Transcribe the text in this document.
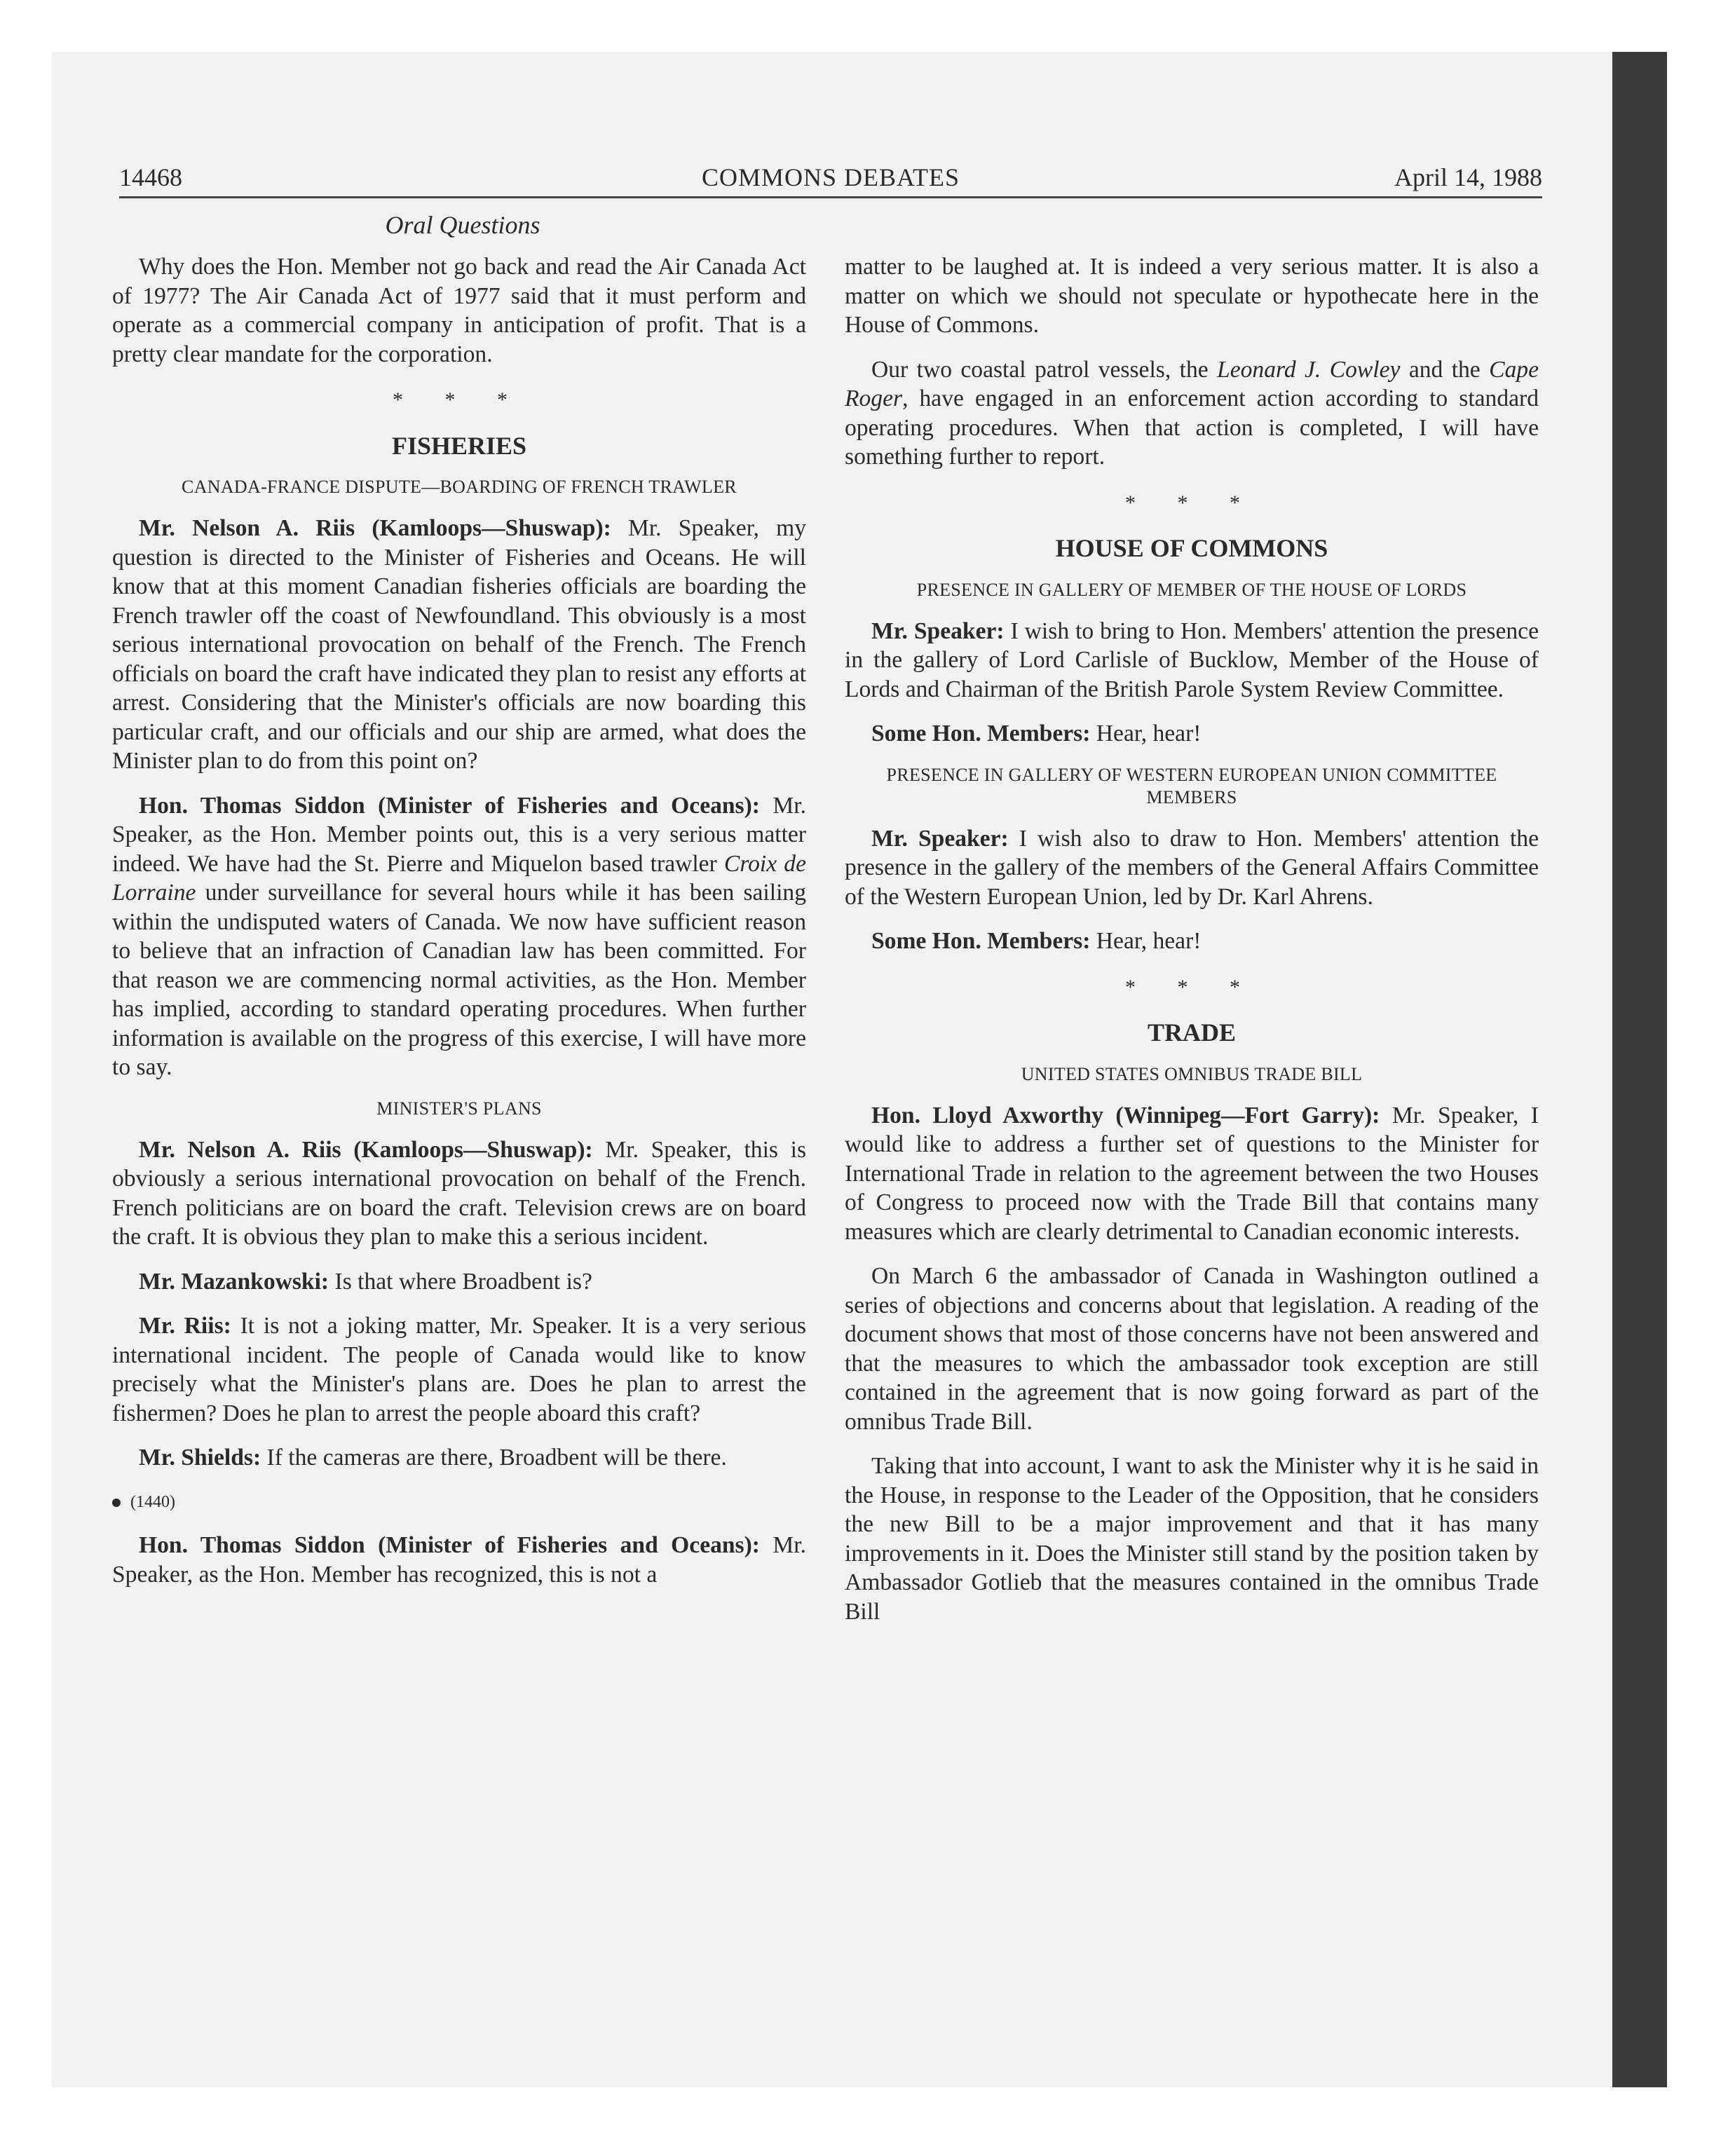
14468	COMMONS DEBATES	April 14, 1988
Oral Questions

Why does the Hon. Member not go back and read the Air Canada Act of 1977? The Air Canada Act of 1977 said that it must perform and operate as a commercial company in anticipation of profit. That is a pretty clear mandate for the corporation.

* * *
FISHERIES
CANADA-FRANCE DISPUTE—BOARDING OF FRENCH TRAWLER

Mr. Nelson A. Riis (Kamloops—Shuswap): Mr. Speaker, my question is directed to the Minister of Fisheries and Oceans. He will know that at this moment Canadian fisheries officials are boarding the French trawler off the coast of Newfoundland. This obviously is a most serious international provocation on behalf of the French. The French officials on board the craft have indicated they plan to resist any efforts at arrest. Considering that the Minister's officials are now boarding this particular craft, and our officials and our ship are armed, what does the Minister plan to do from this point on?

Hon. Thomas Siddon (Minister of Fisheries and Oceans): Mr. Speaker, as the Hon. Member points out, this is a very serious matter indeed. We have had the St. Pierre and Miquelon based trawler Croix de Lorraine under surveillance for several hours while it has been sailing within the undisputed waters of Canada. We now have sufficient reason to believe that an infraction of Canadian law has been committed. For that reason we are commencing normal activities, as the Hon. Member has implied, according to standard operating procedures. When further information is available on the progress of this exercise, I will have more to say.

MINISTER'S PLANS

Mr. Nelson A. Riis (Kamloops—Shuswap): Mr. Speaker, this is obviously a serious international provocation on behalf of the French. French politicians are on board the craft. Television crews are on board the craft. It is obvious they plan to make this a serious incident.

Mr. Mazankowski: Is that where Broadbent is?

Mr. Riis: It is not a joking matter, Mr. Speaker. It is a very serious international incident. The people of Canada would like to know precisely what the Minister's plans are. Does he plan to arrest the fishermen? Does he plan to arrest the people aboard this craft?

Mr. Shields: If the cameras are there, Broadbent will be there.

(1440)

Hon. Thomas Siddon (Minister of Fisheries and Oceans): Mr. Speaker, as the Hon. Member has recognized, this is not a

matter to be laughed at. It is indeed a very serious matter. It is also a matter on which we should not speculate or hypothecate here in the House of Commons.

Our two coastal patrol vessels, the Leonard J. Cowley and the Cape Roger, have engaged in an enforcement action according to standard operating procedures. When that action is completed, I will have something further to report.

* * *
HOUSE OF COMMONS
PRESENCE IN GALLERY OF MEMBER OF THE HOUSE OF LORDS

Mr. Speaker: I wish to bring to Hon. Members' attention the presence in the gallery of Lord Carlisle of Bucklow, Member of the House of Lords and Chairman of the British Parole System Review Committee.

Some Hon. Members: Hear, hear!

PRESENCE IN GALLERY OF WESTERN EUROPEAN UNION COMMITTEE MEMBERS

Mr. Speaker: I wish also to draw to Hon. Members' attention the presence in the gallery of the members of the General Affairs Committee of the Western European Union, led by Dr. Karl Ahrens.

Some Hon. Members: Hear, hear!

* * *
TRADE
UNITED STATES OMNIBUS TRADE BILL

Hon. Lloyd Axworthy (Winnipeg—Fort Garry): Mr. Speaker, I would like to address a further set of questions to the Minister for International Trade in relation to the agreement between the two Houses of Congress to proceed now with the Trade Bill that contains many measures which are clearly detrimental to Canadian economic interests.

On March 6 the ambassador of Canada in Washington outlined a series of objections and concerns about that legislation. A reading of the document shows that most of those concerns have not been answered and that the measures to which the ambassador took exception are still contained in the agreement that is now going forward as part of the omnibus Trade Bill.

Taking that into account, I want to ask the Minister why it is he said in the House, in response to the Leader of the Opposition, that he considers the new Bill to be a major improvement and that it has many improvements in it. Does the Minister still stand by the position taken by Ambassador Gotlieb that the measures contained in the omnibus Trade Bill
